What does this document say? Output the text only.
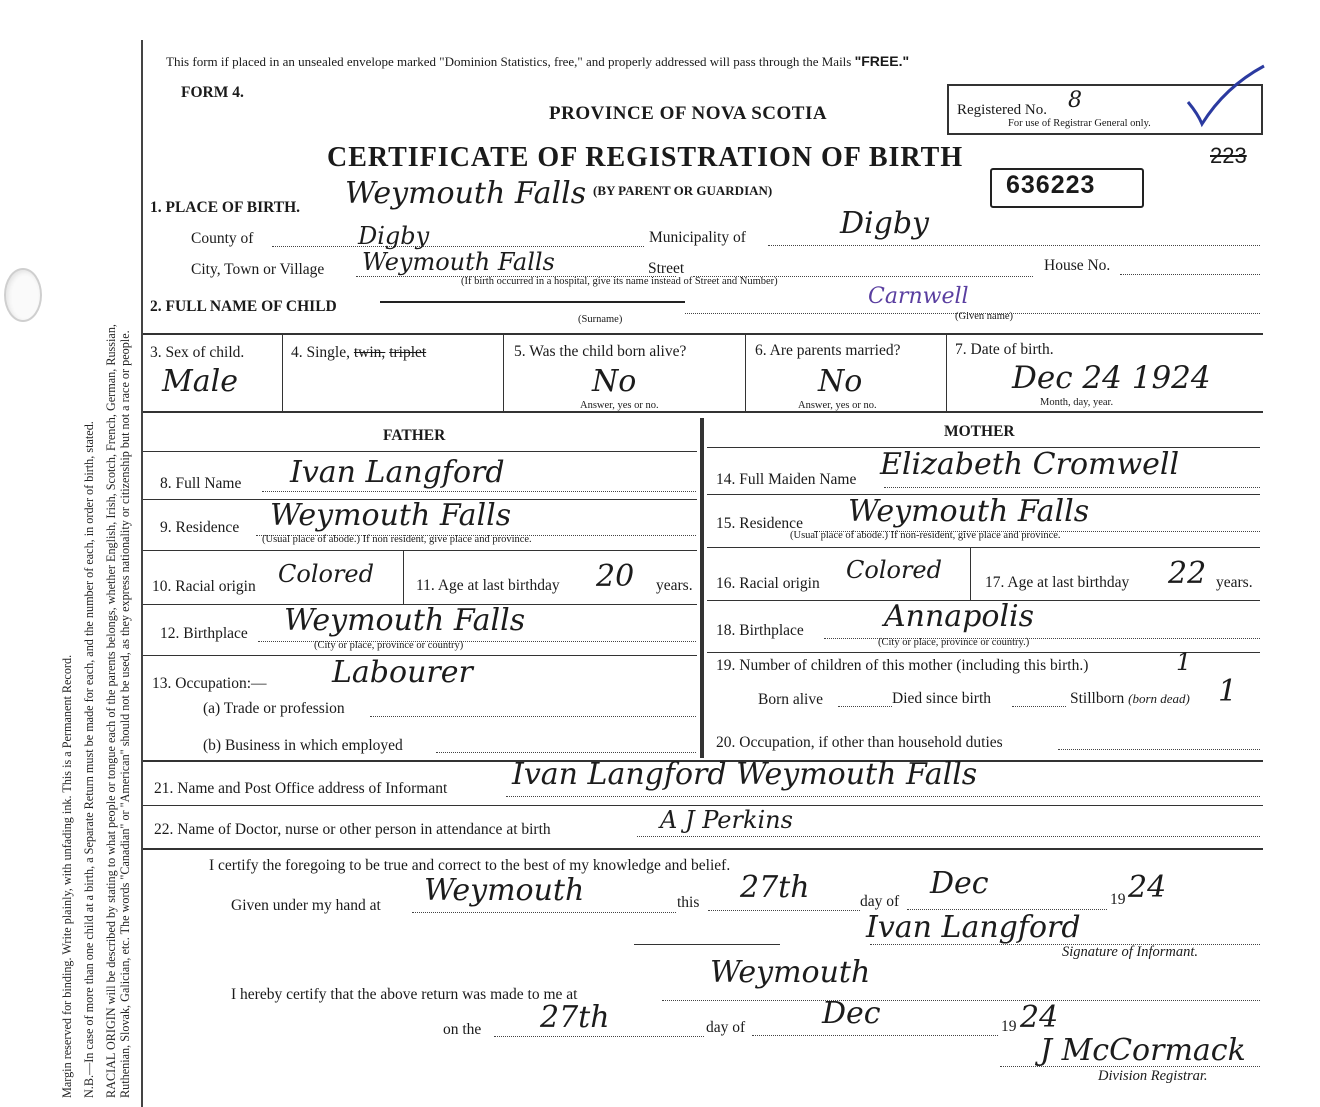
Margin reserved for binding. Write plainly, with unfading ink. This is a Permanent Record. N.B.—In case of more than one child at a birth, a Separate Return must be made for each, and the number of each, in order of birth, stated. RACIAL ORIGIN will be described by stating to what people or tongue each of the parents belongs, whether English, Irish, Scotch, French, German, Russian, Ruthenian, Slovak, Galician, etc. The words "Canadian" or "American" should not be used, as they express nationality or citizenship but not a race or people.
This form if placed in an unsealed envelope marked "Dominion Statistics, free," and properly addressed will pass through the Mails "FREE."
FORM 4.
PROVINCE OF NOVA SCOTIA
CERTIFICATE OF REGISTRATION OF BIRTH
Registered No. 8
For use of Registrar General only.
223
636223
1. PLACE OF BIRTH. Weymouth Falls (BY PARENT OR GUARDIAN)
County of	Digby	Municipality of	Digby
City, Town or Village Weymouth Falls	Street	House No.
(If birth occurred in a hospital, give its name instead of Street and Number)
2. FULL NAME OF CHILD	Carnwell
(Surname)	(Given name)
3. Sex of child.
Male
4. Single, twin, triplet	5. Was the child born alive?
No
Answer, yes or no.
6. Are parents married?
No
Answer, yes or no.
7. Date of birth.
Dec 24 1924
Month, day, year.
FATHER	MOTHER
8. Full Name Ivan Langford
9. Residence Weymouth Falls
(Usual place of abode.) If non resident, give place and province.
10. Racial origin Colored	11. Age at last birthday 20 years.
12. Birthplace Weymouth Falls
(City or place, province or country)
13. Occupation:— Labourer
(a) Trade or profession
(b) Business in which employed
14. Full Maiden Name Elizabeth Cromwell
15. Residence Weymouth Falls
(Usual place of abode.) If non-resident, give place and province.
16. Racial origin Colored	17. Age at last birthday 22 years.
18. Birthplace	Annapolis
(City or place, province or country.)
19. Number of children of this mother (including this birth.)	1
Born alive	Died since birth	Stillborn (born dead) 1
20. Occupation, if other than household duties
21. Name and Post Office address of Informant Ivan Langford Weymouth Falls
22. Name of Doctor, nurse or other person in attendance at birth	A J Perkins
I certify the foregoing to be true and correct to the best of my knowledge and belief.
Given under my hand at Weymouth	this 27th	day of
Dec	19 24
Ivan Langford
Signature of Informant.
I hereby certify that the above return was made to me at
Weymouth
on the 27th	day of	Dec	19 24
J McCormack
Division Registrar.
